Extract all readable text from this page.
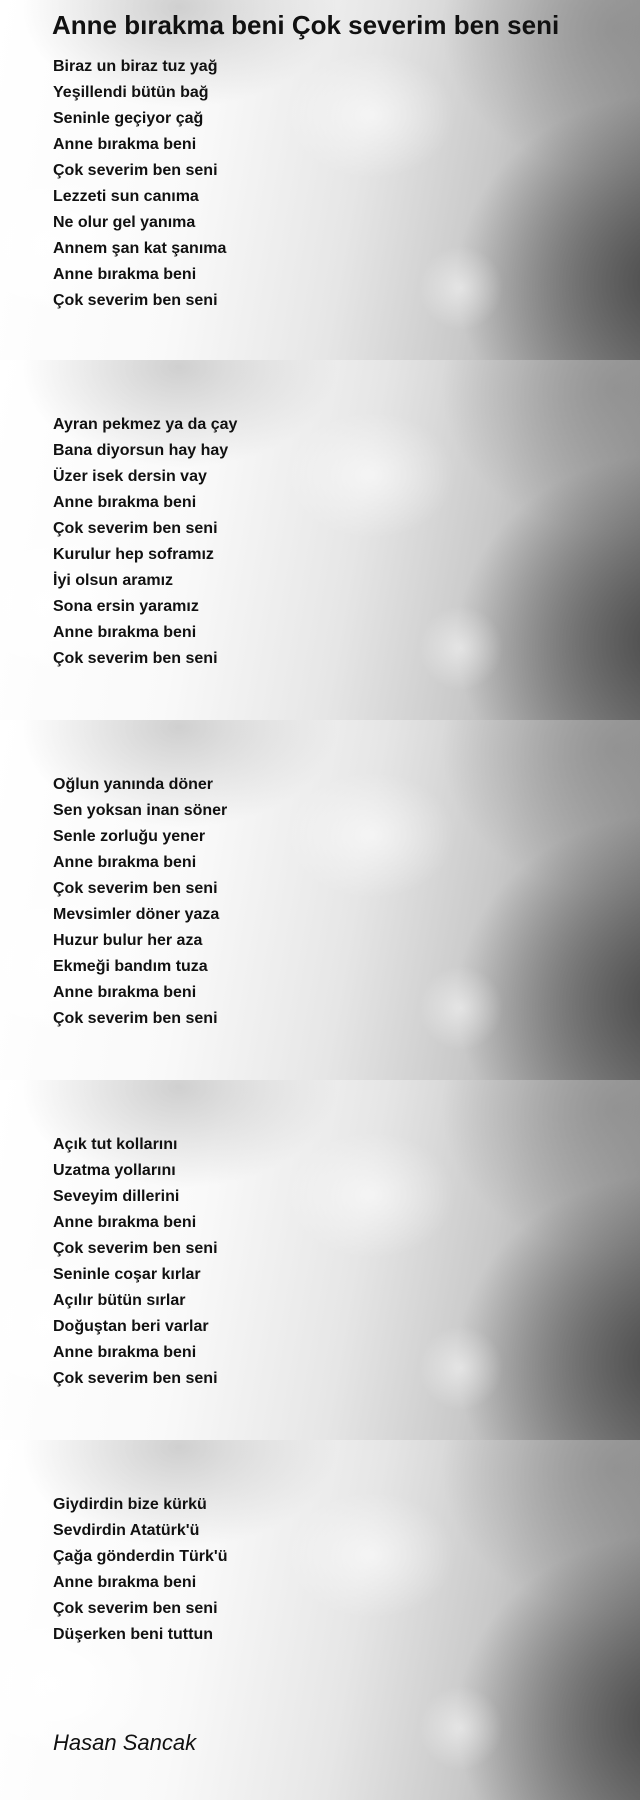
Anne bırakma beni Çok severim ben seni
Biraz un biraz tuz yağ
Yeşillendi bütün bağ
Seninle geçiyor çağ
Anne bırakma beni
Çok severim ben seni
Lezzeti sun canıma
Ne olur gel yanıma
Annem şan kat şanıma
Anne bırakma beni
Çok severim ben seni
Ayran pekmez ya da çay
Bana diyorsun hay hay
Üzer isek dersin vay
Anne bırakma beni
Çok severim ben seni
Kurulur hep soframız
İyi olsun aramız
Sona ersin yaramız
Anne bırakma beni
Çok severim ben seni
Oğlun yanında döner
Sen yoksan inan söner
Senle zorluğu yener
Anne bırakma beni
Çok severim ben seni
Mevsimler döner yaza
Huzur bulur her aza
Ekmeği bandım tuza
Anne bırakma beni
Çok severim ben seni
Açık tut kollarını
Uzatma yollarını
Seveyim dillerini
Anne bırakma beni
Çok severim ben seni
Seninle coşar kırlar
Açılır bütün sırlar
Doğuştan beri varlar
Anne bırakma beni
Çok severim ben seni
Giydirdin bize kürkü
Sevdirdin Atatürk'ü
Çağa gönderdin Türk'ü
Anne bırakma beni
Çok severim ben seni
Düşerken beni tuttun
Hasan Sancak
